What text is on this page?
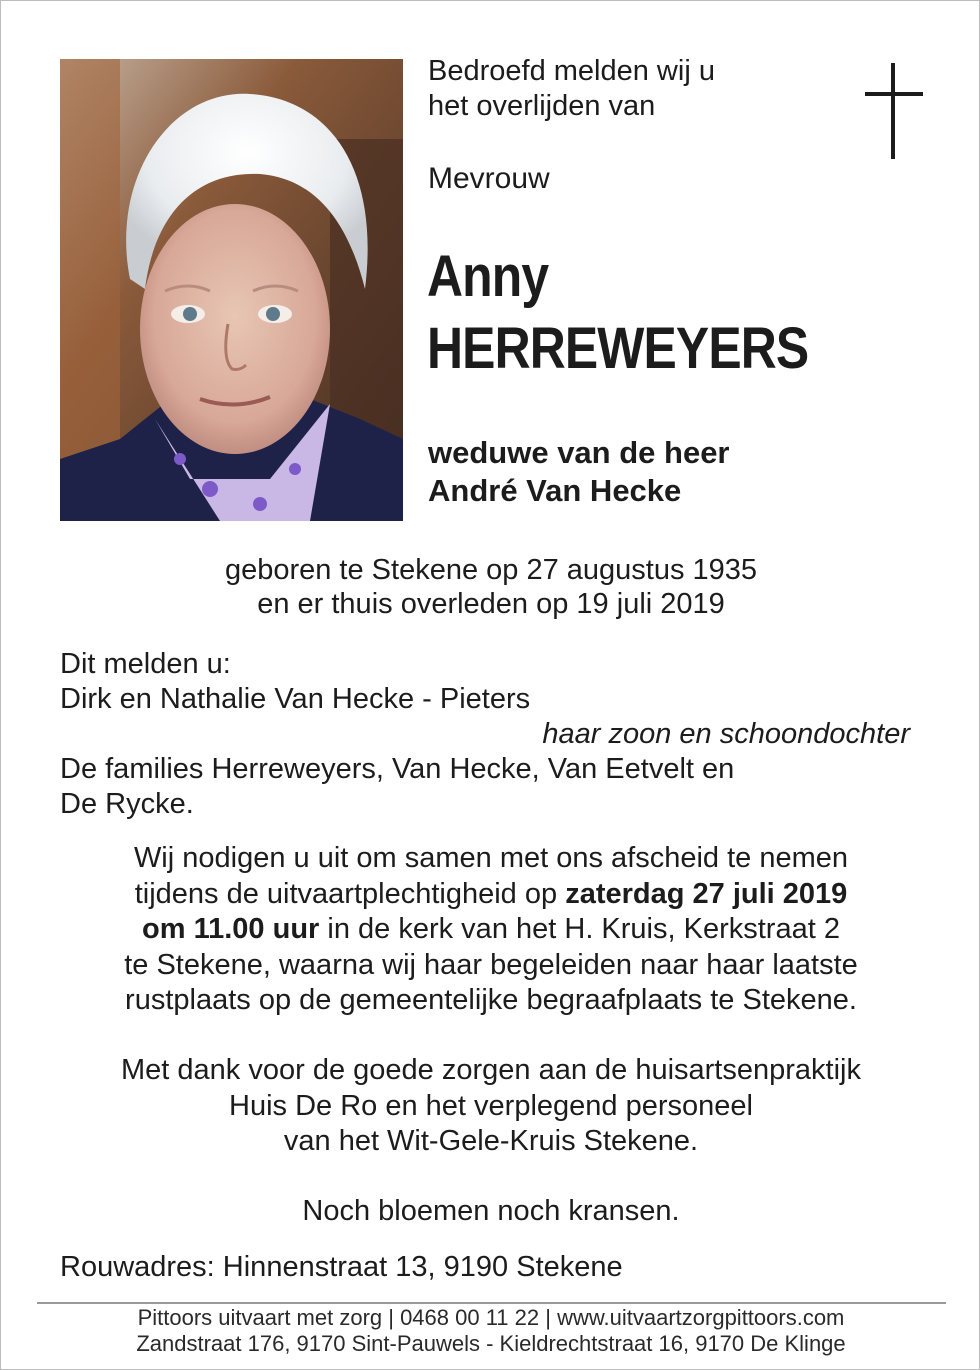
Bedroefd melden wij u
het overlijden van
Mevrouw
Anny
HERREWEYERS
weduwe van de heer
André Van Hecke
geboren te Stekene op 27 augustus 1935
en er thuis overleden op 19 juli 2019
Dit melden u:
Dirk en Nathalie Van Hecke - Pieters
haar zoon en schoondochter
De families Herreweyers, Van Hecke, Van Eetvelt en
De Rycke.
Wij nodigen u uit om samen met ons afscheid te nemen
tijdens de uitvaartplechtigheid op zaterdag 27 juli 2019
om 11.00 uur in de kerk van het H. Kruis, Kerkstraat 2
te Stekene, waarna wij haar begeleiden naar haar laatste
rustplaats op de gemeentelijke begraafplaats te Stekene.
Met dank voor de goede zorgen aan de huisartsenpraktijk
Huis De Ro en het verplegend personeel
van het Wit-Gele-Kruis Stekene.
Noch bloemen noch kransen.
Rouwadres: Hinnenstraat 13, 9190 Stekene
Pittoors uitvaart met zorg | 0468 00 11 22 | www.uitvaartzorgpittoors.com
Zandstraat 176, 9170 Sint-Pauwels - Kieldrechtstraat 16, 9170 De Klinge
